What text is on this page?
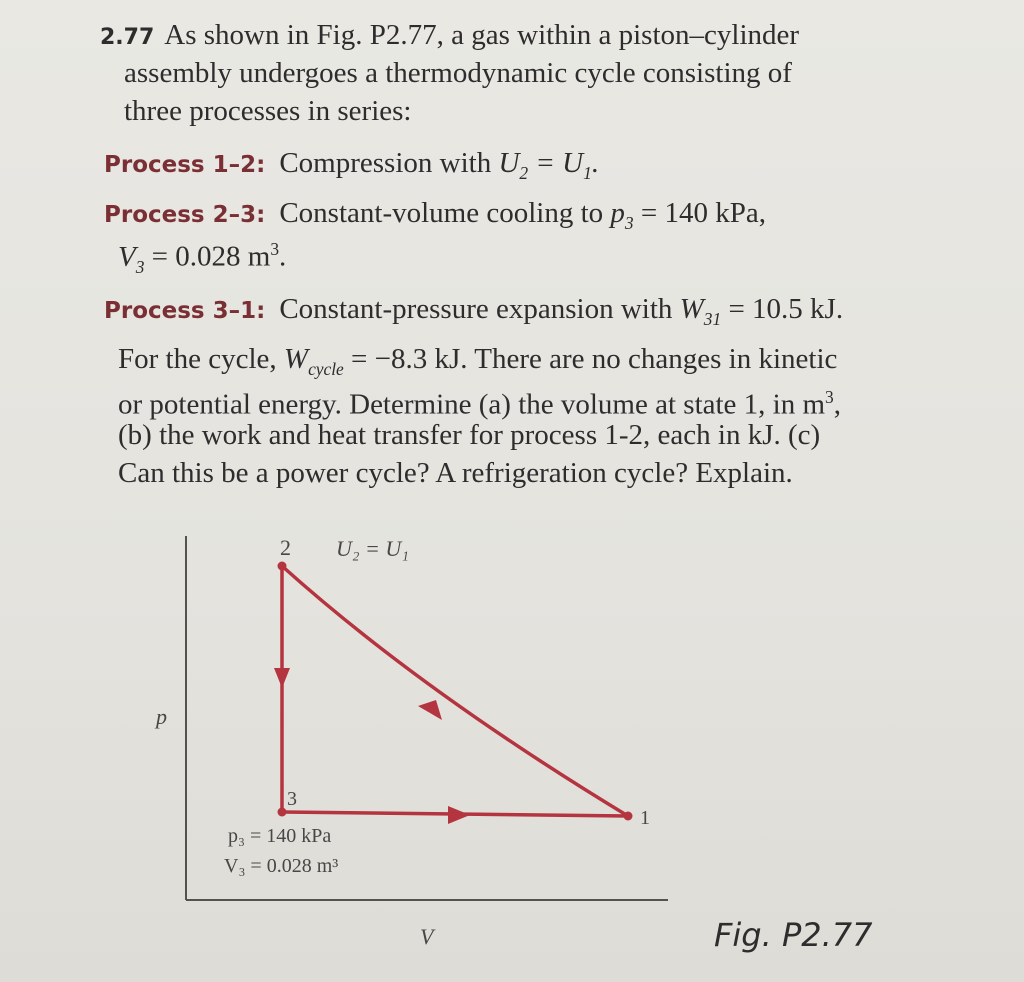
2.77 As shown in Fig. P2.77, a gas within a piston–cylinder
assembly undergoes a thermodynamic cycle consisting of
three processes in series:
Process 1–2: Compression with $U_2 = U_1$.
Process 2–3: Constant-volume cooling to $p_3 = 140$ kPa,
$V_3 = 0.028$ $m^3$.
Process 3–1: Constant-pressure expansion with $W_{31} = 10.5$ kJ.
For the cycle, $W_{cycle} = -8.3$ kJ. There are no changes in kinetic
or potential energy. Determine (a) the volume at state 1, in $m^3$,
(b) the work and heat transfer for process 1-2, each in kJ. (c)
Can this be a power cycle? A refrigeration cycle? Explain.
p
V
2 U₂ = U₁
3
1
p₃ = 140 kPa
V₃ = 0.028 m³
Fig. P2.77
